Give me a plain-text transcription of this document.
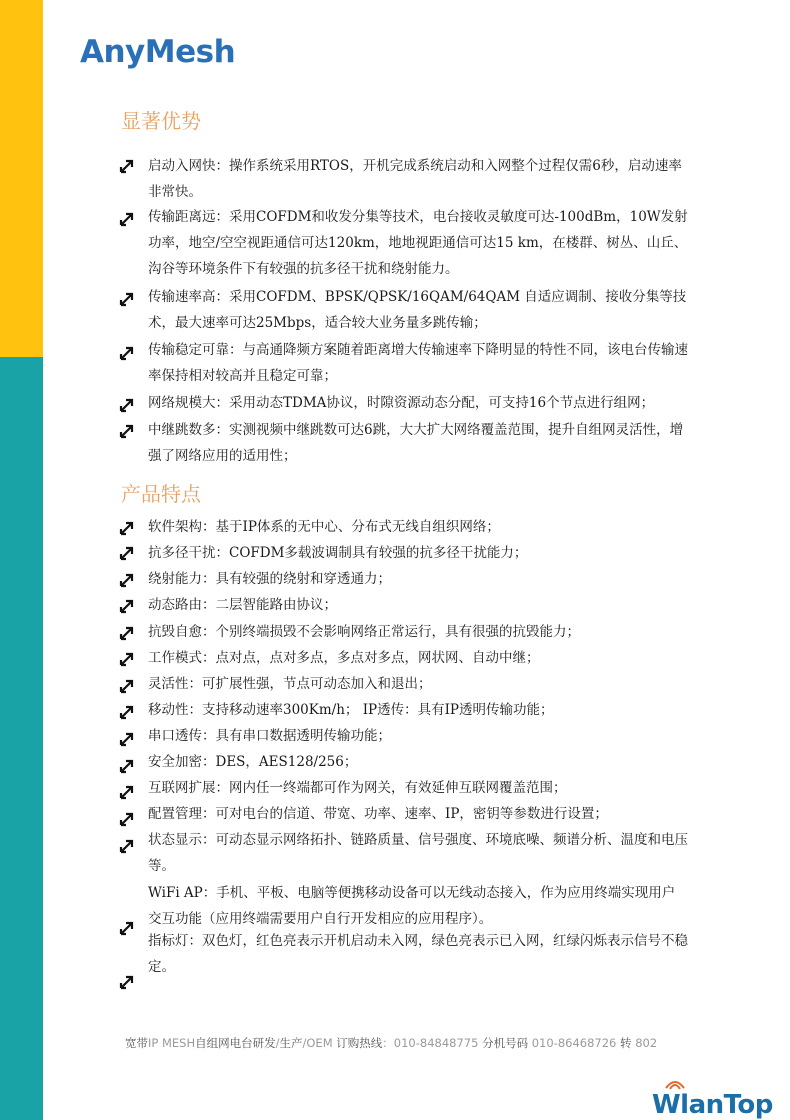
AnyMesh
显著优势
启动入网快：操作系统采用RTOS，开机完成系统启动和入网整个过程仅需6秒，启动速率非常快。
传输距离远：采用COFDM和收发分集等技术，电台接收灵敏度可达-100dBm，10W发射功率，地空/空空视距通信可达120km，地地视距通信可达15 km，在楼群、树丛、山丘、沟谷等环境条件下有较强的抗多径干扰和绕射能力。
传输速率高：采用COFDM、BPSK/QPSK/16QAM/64QAM 自适应调制、接收分集等技术，最大速率可达25Mbps，适合较大业务量多跳传输；
传输稳定可靠：与高通降频方案随着距离增大传输速率下降明显的特性不同，该电台传输速率保持相对较高并且稳定可靠；
网络规模大：采用动态TDMA协议，时隙资源动态分配，可支持16个节点进行组网；
中继跳数多：实测视频中继跳数可达6跳，大大扩大网络覆盖范围，提升自组网灵活性，增强了网络应用的适用性；
产品特点
软件架构：基于IP体系的无中心、分布式无线自组织网络；
抗多径干扰：COFDM多载波调制具有较强的抗多径干扰能力；
绕射能力：具有较强的绕射和穿透通力；
动态路由：二层智能路由协议；
抗毁自愈：个别终端损毁不会影响网络正常运行，具有很强的抗毁能力；
工作模式：点对点，点对多点，多点对多点，网状网、自动中继；
灵活性：可扩展性强，节点可动态加入和退出；
移动性：支持移动速率300Km/h； IP透传：具有IP透明传输功能；
串口透传：具有串口数据透明传输功能；
安全加密：DES，AES128/256；
互联网扩展：网内任一终端都可作为网关，有效延伸互联网覆盖范围；
配置管理：可对电台的信道、带宽、功率、速率、IP，密钥等参数进行设置；
状态显示：可动态显示网络拓扑、链路质量、信号强度、环境底噪、频谱分析、温度和电压等。
WiFi AP：手机、平板、电脑等便携移动设备可以无线动态接入，作为应用终端实现用户交互功能（应用终端需要用户自行开发相应的应用程序）。
指标灯：双色灯，红色亮表示开机启动未入网，绿色亮表示已入网，红绿闪烁表示信号不稳定。
宽带IP MESH自组网电台研发/生产/OEM 订购热线：010-84848775 分机号码 010-86468726 转 802
WlanTop
